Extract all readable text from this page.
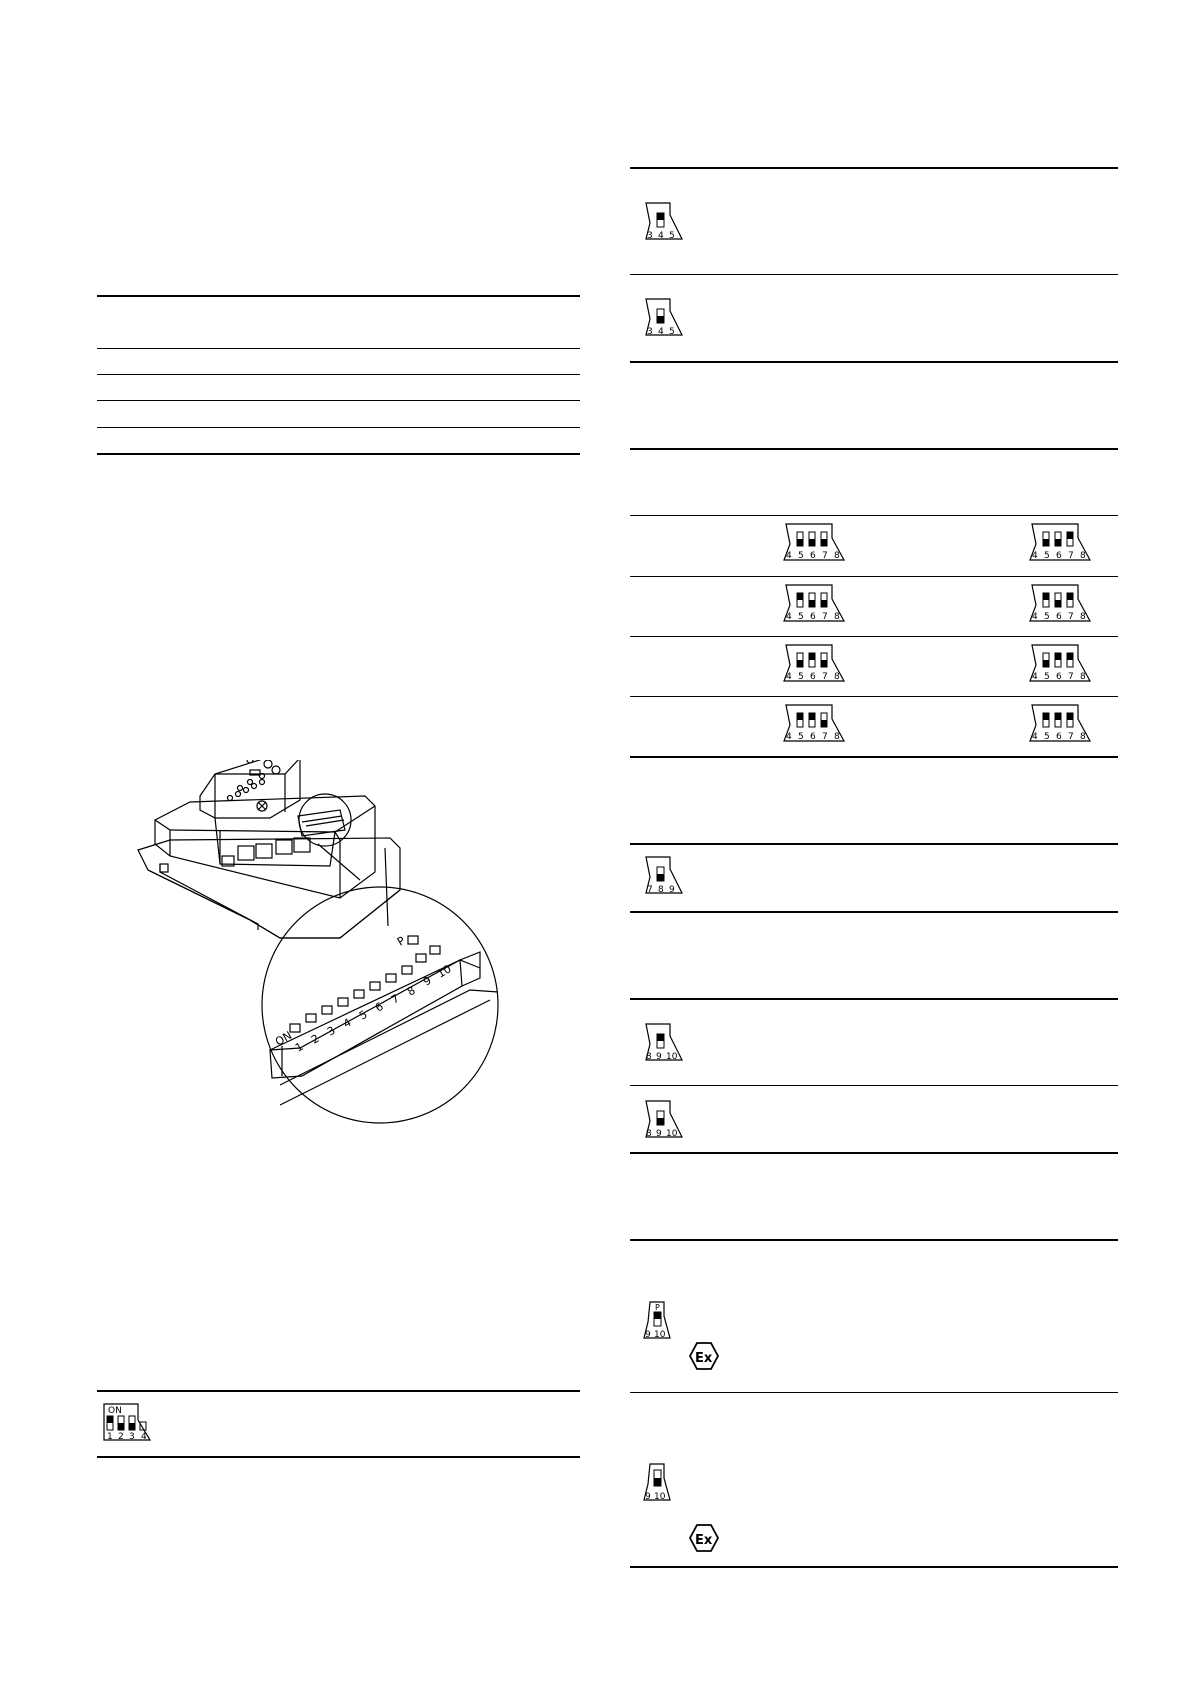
ON
1
2
3
4
5
6
7
8
9
10
P
ON
1 2 3 4
3 4 5
3 4 5
4 5 6 7 8	4 5 6 7 8
4 5 6 7 8	4 5 6 7 8
4 5 6 7 8	4 5 6 7 8
4 5 6 7 8	4 5 6 7 8
7 8 9
8 9 10
8 9 10
P
9 10
Ex
9 10
Ex
